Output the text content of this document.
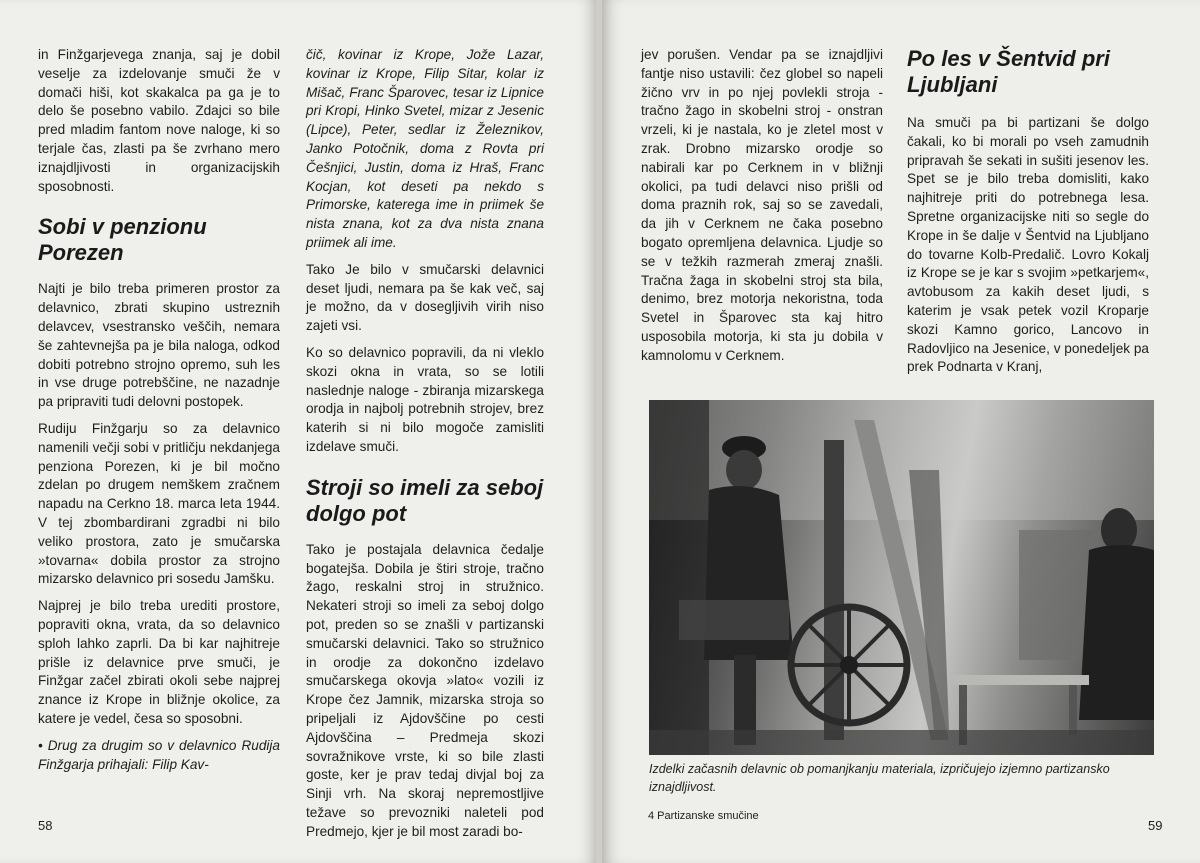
in Finžgarjevega znanja, saj je dobil veselje za izdelovanje smuči že v domači hiši, kot skakalca pa ga je to delo še posebno vabilo. Zdajci so bile pred mladim fantom nove naloge, ki so terjale čas, zlasti pa še zvrhano mero iznajdljivosti in organizacijskih sposobnosti.

Sobi v penzionu Porezen

Najti je bilo treba primeren prostor za delavnico, zbrati skupino ustreznih delavcev, vsestransko veščih, nemara še zahtevnejša pa je bila naloga, odkod dobiti potrebno strojno opremo, suh les in vse druge potrebščine, ne nazadnje pa pripraviti tudi delovni postopek.

Rudiju Finžgarju so za delavnico namenili večji sobi v pritličju nekdanjega penziona Porezen, ki je bil močno zdelan po drugem nemškem zračnem napadu na Cerkno 18. marca leta 1944. V tej zbombardirani zgradbi ni bilo veliko prostora, zato je smučarska »tovarna« dobila prostor za strojno mizarsko delavnico pri sosedu Jamšku.

Najprej je bilo treba urediti prostore, popraviti okna, vrata, da so delavnico sploh lahko zaprli. Da bi kar najhitreje prišle iz delavnice prve smuči, je Finžgar začel zbirati okoli sebe najprej znance iz Krope in bližnje okolice, za katere je vedel, česa so sposobni.

• Drug za drugim so v delavnico Rudija Finžgarja prihajali: Filip Kav-

čič, kovinar iz Krope, Jože Lazar, kovinar iz Krope, Filip Sitar, kolar iz Mišač, Franc Šparovec, tesar iz Lipnice pri Kropi, Hinko Svetel, mizar z Jesenic (Lipce), Peter, sedlar iz Železnikov, Janko Potočnik, doma z Rovta pri Češnjici, Justin, doma iz Hraš, Franc Kocjan, kot deseti pa nekdo s Primorske, katerega ime in priimek še nista znana, kot za dva nista znana priimek ali ime.

Tako Je bilo v smučarski delavnici deset ljudi, nemara pa še kak več, saj je možno, da v dosegljivih virih niso zajeti vsi.

Ko so delavnico popravili, da ni vleklo skozi okna in vrata, so se lotili naslednje naloge - zbiranja mizarskega orodja in najbolj potrebnih strojev, brez katerih si ni bilo mogoče zamisliti izdelave smuči.

Stroji so imeli za seboj dolgo pot

Tako je postajala delavnica čedalje bogatejša. Dobila je štiri stroje, tračno žago, reskalni stroj in stružnico. Nekateri stroji so imeli za seboj dolgo pot, preden so se znašli v partizanski smučarski delavnici. Tako so stružnico in orodje za dokončno izdelavo smučarskega okovja »lato« vozili iz Krope čez Jamnik, mizarska stroja so pripeljali iz Ajdovščine po cesti Ajdovščina – Predmeja skozi sovražnikove vrste, ki so bile zlasti goste, ker je prav tedaj divjal boj za Sinji vrh. Na skoraj nepremostljive težave so prevozniki naleteli pod Predmejo, kjer je bil most zaradi bo-

58

jev porušen. Vendar pa se iznajdljivi fantje niso ustavili: čez globel so napeli žično vrv in po njej povlekli stroja - tračno žago in skobelni stroj - onstran vrzeli, ki je nastala, ko je zletel most v zrak. Drobno mizarsko orodje so nabirali kar po Cerknem in v bližnji okolici, pa tudi delavci niso prišli od doma praznih rok, saj so se zavedali, da jih v Cerknem ne čaka posebno bogato opremljena delavnica. Ljudje so se v težkih razmerah zmeraj znašli. Tračna žaga in skobelni stroj sta bila, denimo, brez motorja nekoristna, toda Svetel in Šparovec sta kaj hitro usposobila motorja, ki sta ju dobila v kamnolomu v Cerknem.

Po les v Šentvid pri Ljubljani

Na smuči pa bi partizani še dolgo čakali, ko bi morali po vseh zamudnih pripravah še sekati in sušiti jesenov les. Spet se je bilo treba domisliti, kako najhitreje priti do potrebnega lesa. Spretne organizacijske niti so segle do Krope in še dalje v Šentvid na Ljubljano do tovarne Kolb-Predalič. Lovro Kokalj iz Krope se je kar s svojim »petkarjem«, avtobusom za kakih deset ljudi, s katerim je vsak petek vozil Kroparje skozi Kamno gorico, Lancovo in Radovljico na Jesenice, v ponedeljek pa prek Podnarta v Kranj,

Izdelki začasnih delavnic ob pomanjkanju materiala, izpričujejo izjemno partizansko iznajdljivost.
4 Partizanske smučine
59
